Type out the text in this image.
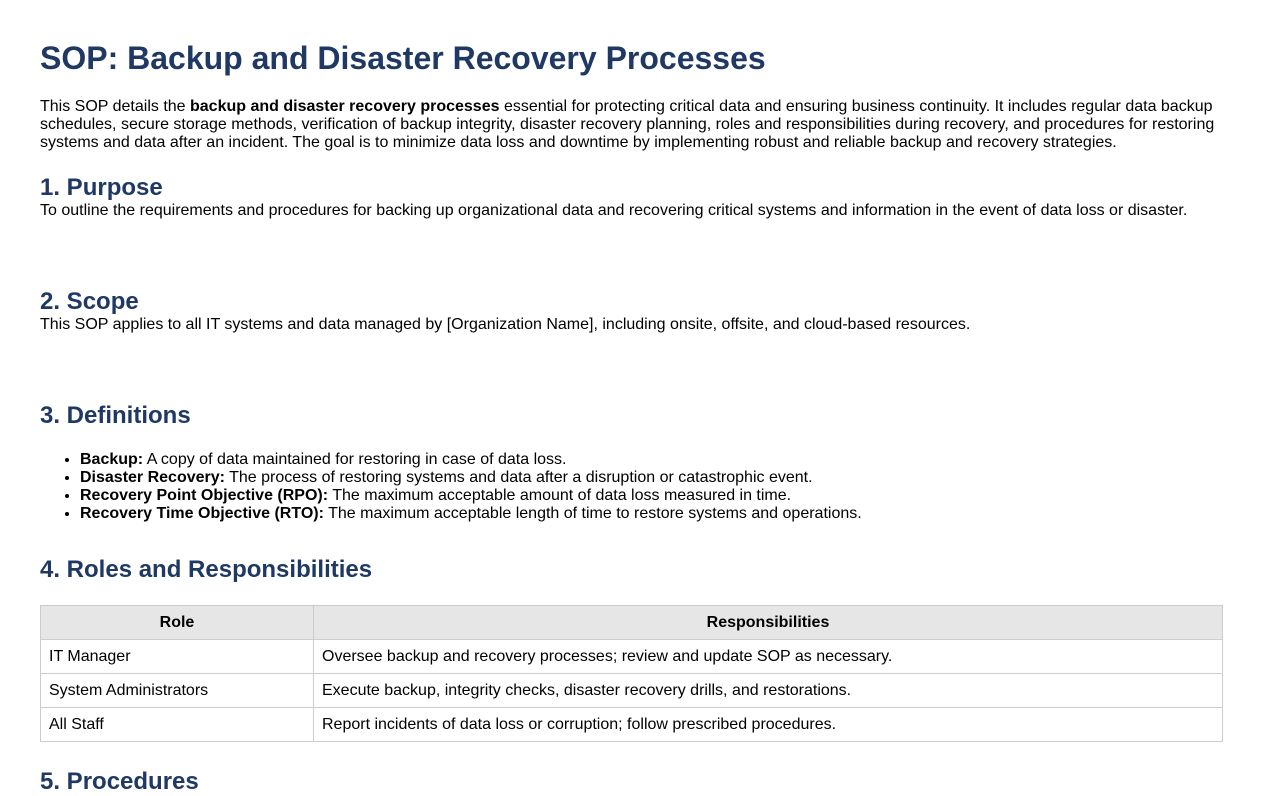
SOP: Backup and Disaster Recovery Processes

This SOP details the backup and disaster recovery processes essential for protecting critical data and ensuring business continuity. It includes regular data backup schedules, secure storage methods, verification of backup integrity, disaster recovery planning, roles and responsibilities during recovery, and procedures for restoring systems and data after an incident. The goal is to minimize data loss and downtime by implementing robust and reliable backup and recovery strategies.

1. Purpose

To outline the requirements and procedures for backing up organizational data and recovering critical systems and information in the event of data loss or disaster.

2. Scope

This SOP applies to all IT systems and data managed by [Organization Name], including onsite, offsite, and cloud-based resources.

3. Definitions
• Backup: A copy of data maintained for restoring in case of data loss.
• Disaster Recovery: The process of restoring systems and data after a disruption or catastrophic event.
• Recovery Point Objective (RPO): The maximum acceptable amount of data loss measured in time.
• Recovery Time Objective (RTO): The maximum acceptable length of time to restore systems and operations.
4. Roles and Responsibilities
Role	Responsibilities
IT Manager	Oversee backup and recovery processes; review and update SOP as necessary.
System Administrators	Execute backup, integrity checks, disaster recovery drills, and restorations.
All Staff	Report incidents of data loss or corruption; follow prescribed procedures.
5. Procedures
